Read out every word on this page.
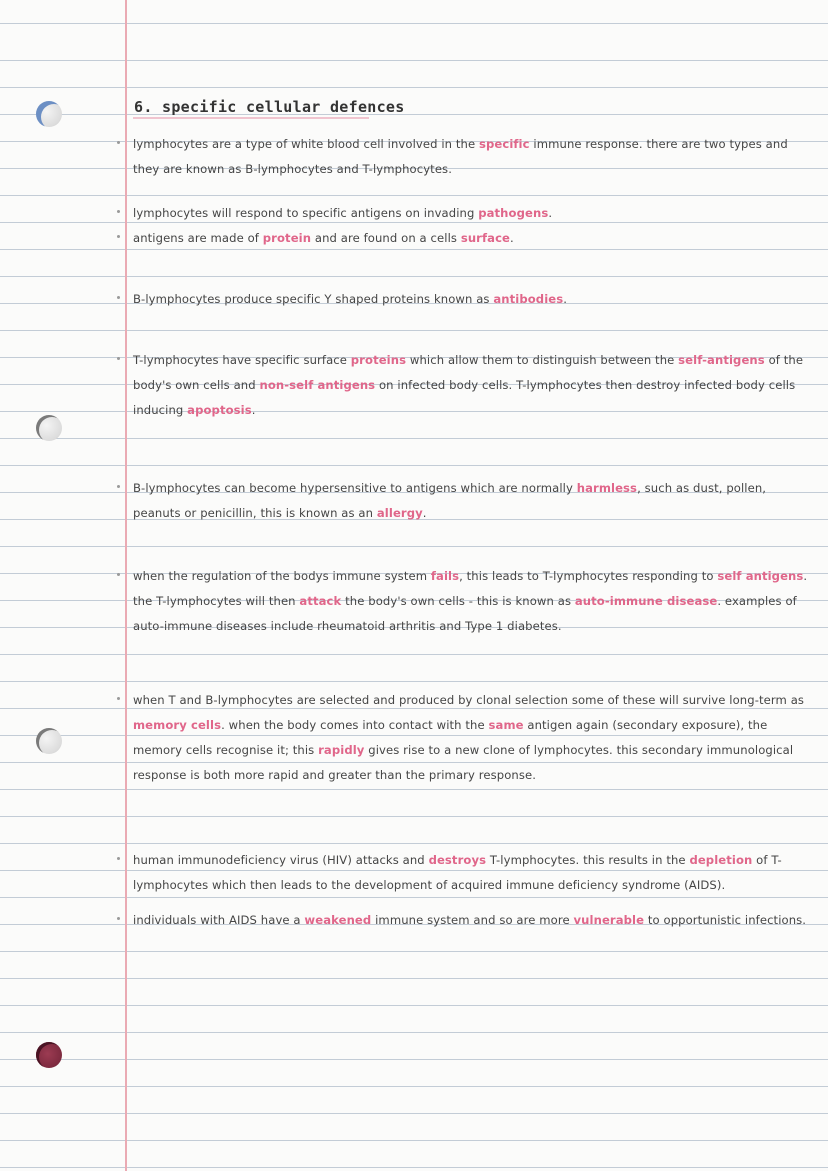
6. specific cellular defences

lymphocytes are a type of white blood cell involved in the specific immune response. there are two types and they are known as B-lymphocytes and T-lymphocytes.

lymphocytes will respond to specific antigens on invading pathogens.

antigens are made of protein and are found on a cells surface.

B-lymphocytes produce specific Y shaped proteins known as antibodies.

T-lymphocytes have specific surface proteins which allow them to distinguish between the self-antigens of the body's own cells and non-self antigens on infected body cells. T-lymphocytes then destroy infected body cells inducing apoptosis.

B-lymphocytes can become hypersensitive to antigens which are normally harmless, such as dust, pollen, peanuts or penicillin, this is known as an allergy.

when the regulation of the bodys immune system fails, this leads to T-lymphocytes responding to self antigens. the T-lymphocytes will then attack the body's own cells - this is known as auto-immune disease. examples of auto-immune diseases include rheumatoid arthritis and Type 1 diabetes.

when T and B-lymphocytes are selected and produced by clonal selection some of these will survive long-term as memory cells. when the body comes into contact with the same antigen again (secondary exposure), the memory cells recognise it; this rapidly gives rise to a new clone of lymphocytes. this secondary immunological response is both more rapid and greater than the primary response.

human immunodeficiency virus (HIV) attacks and destroys T-lymphocytes. this results in the depletion of T-lymphocytes which then leads to the development of acquired immune deficiency syndrome (AIDS).

individuals with AIDS have a weakened immune system and so are more vulnerable to opportunistic infections.
